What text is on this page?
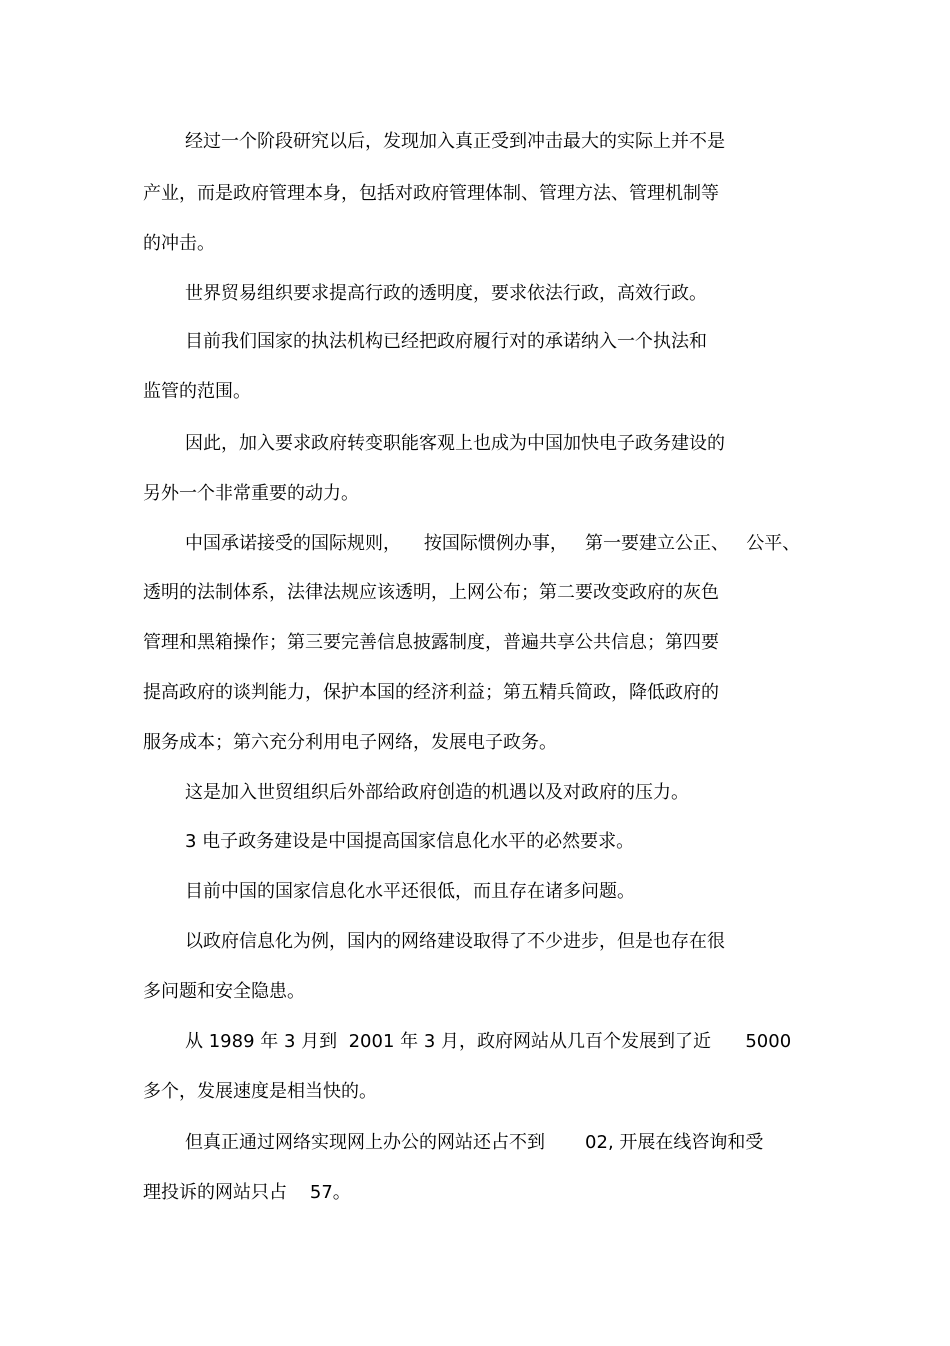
经过一个阶段研究以后，发现加入真正受到冲击最大的实际上并不是
产业，而是政府管理本身，包括对政府管理体制、管理方法、管理机制等
的冲击。
世界贸易组织要求提高行政的透明度，要求依法行政，高效行政。
目前我们国家的执法机构已经把政府履行对的承诺纳入一个执法和
监管的范围。
因此，加入要求政府转变职能客观上也成为中国加快电子政务建设的
另外一个非常重要的动力。
中国承诺接受的国际规则，    按国际惯例办事，   第一要建立公正、   公平、
透明的法制体系，法律法规应该透明，上网公布；第二要改变政府的灰色
管理和黑箱操作；第三要完善信息披露制度，普遍共享公共信息；第四要
提高政府的谈判能力，保护本国的经济利益；第五精兵简政，降低政府的
服务成本；第六充分利用电子网络，发展电子政务。
这是加入世贸组织后外部给政府创造的机遇以及对政府的压力。
3 电子政务建设是中国提高国家信息化水平的必然要求。
目前中国的国家信息化水平还很低，而且存在诸多问题。
以政府信息化为例，国内的网络建设取得了不少进步，但是也存在很
多问题和安全隐患。
从 1989 年 3 月到  2001 年 3 月，政府网站从几百个发展到了近      5000
多个，发展速度是相当快的。
但真正通过网络实现网上办公的网站还占不到       02, 开展在线咨询和受
理投诉的网站只占    57。
